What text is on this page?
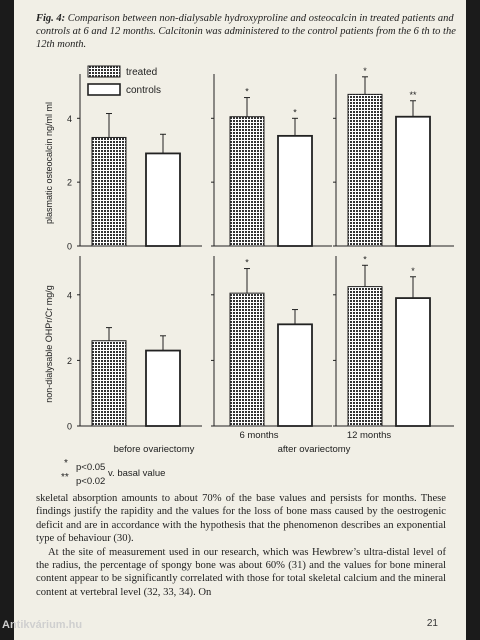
Fig. 4: Comparison between non-dialysable hydroxyproline and osteocalcin in treated patients and controls at 6 and 12 months. Calcitonin was administered to the control patients from the 6 th to the 12th month.
treated
controls
0
2
4
plasmatic osteocalcin ng/ml ml
*
*
*
**
0
2
4
non-dialysable OHPr/Cr mg/g
*	*
*
before ovariectomy
6 months	12 months
after ovariectomy
* p<0.05
v. basal value
** p<0.02

skeletal absorption amounts to about 70% of the base values and persists for months. These findings justify the rapidity and the values for the loss of bone mass caused by the oestrogenic deficit and are in accordance with the hypothesis that the phenomenon describes an exponential type of behaviour (30).

At the site of measurement used in our research, which was Hewbrew’s ultra-distal level of the radius, the percentage of spongy bone was about 60% (31) and the values for bone mineral content appear to be significantly correlated with those for total skeletal calcium and the mineral content at vertebral level (32, 33, 34). On

21
Antikvárium.hu
